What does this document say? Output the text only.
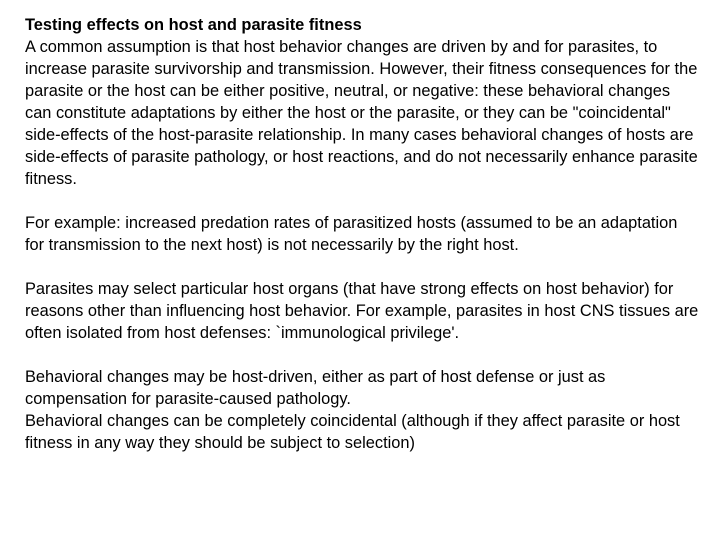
Testing effects on host and parasite fitness

A common assumption is that host behavior changes are driven by and for parasites, to increase parasite survivorship and transmission. However, their fitness consequences for the parasite or the host can be either positive, neutral, or negative: these behavioral changes can constitute adaptations by either the host or the parasite, or they can be "coincidental" side-effects of the host-parasite relationship. In many cases behavioral changes of hosts are side-effects of parasite pathology, or host reactions, and do not necessarily enhance parasite fitness.

For example: increased predation rates of parasitized hosts (assumed to be an adaptation for transmission to the next host) is not necessarily by the right host.

Parasites may select particular host organs (that have strong effects on host behavior) for reasons other than influencing host behavior. For example, parasites in host CNS tissues are often isolated from host defenses: `immunological privilege'.

Behavioral changes may be host-driven, either as part of host defense or just as compensation for parasite-caused pathology.

Behavioral changes can be completely coincidental (although if they affect parasite or host fitness in any way they should be subject to selection)
